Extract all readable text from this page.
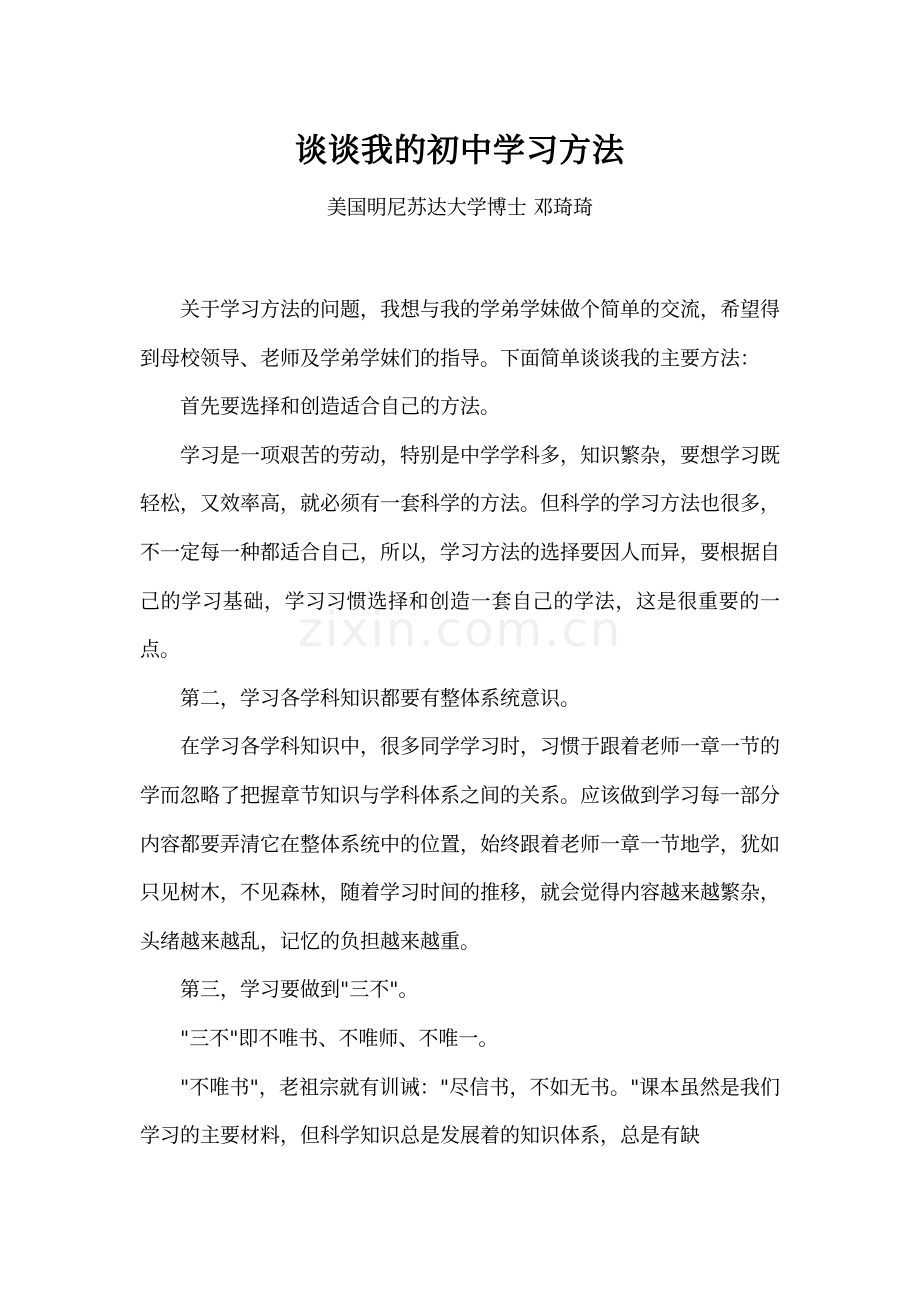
zixin.com.cn
谈谈我的初中学习方法
美国明尼苏达大学博士 邓琦琦

关于学习方法的问题，我想与我的学弟学妹做个简单的交流，希望得到母校领导、老师及学弟学妹们的指导。下面简单谈谈我的主要方法：

首先要选择和创造适合自己的方法。

学习是一项艰苦的劳动，特别是中学学科多，知识繁杂，要想学习既轻松，又效率高，就必须有一套科学的方法。但科学的学习方法也很多，不一定每一种都适合自己，所以，学习方法的选择要因人而异，要根据自己的学习基础，学习习惯选择和创造一套自己的学法，这是很重要的一点。

第二，学习各学科知识都要有整体系统意识。

在学习各学科知识中，很多同学学习时，习惯于跟着老师一章一节的学而忽略了把握章节知识与学科体系之间的关系。应该做到学习每一部分内容都要弄清它在整体系统中的位置，始终跟着老师一章一节地学，犹如只见树木，不见森林，随着学习时间的推移，就会觉得内容越来越繁杂，头绪越来越乱，记忆的负担越来越重。

第三，学习要做到"三不"。

"三不"即不唯书、不唯师、不唯一。

"不唯书"，老祖宗就有训诫："尽信书，不如无书。"课本虽然是我们学习的主要材料，但科学知识总是发展着的知识体系，总是有缺
